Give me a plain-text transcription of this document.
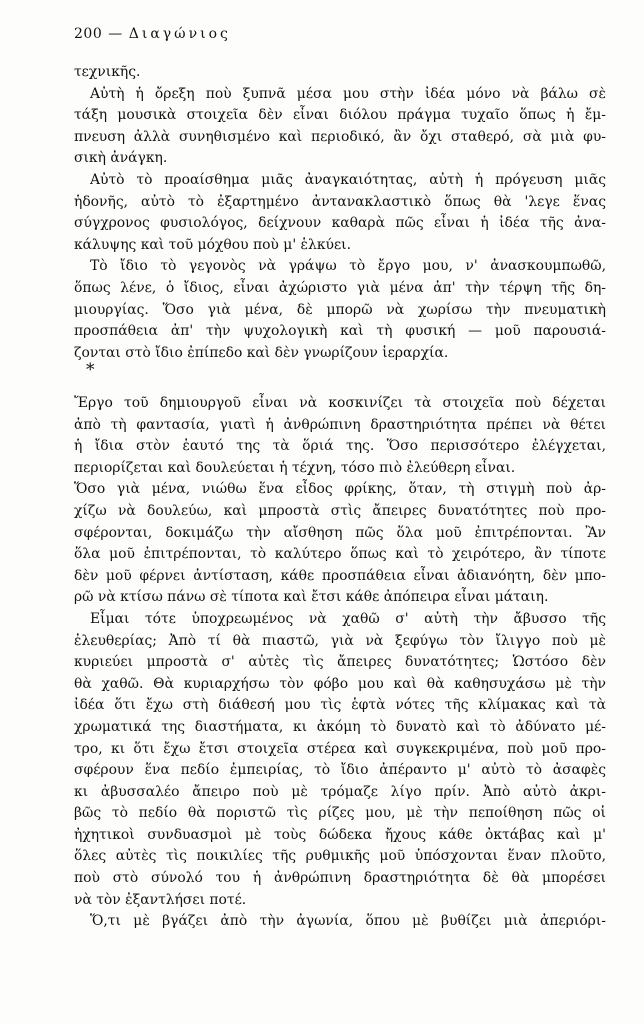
200 — Διαγώνιος
τεχνικῆς.
Αὐτὴ ἡ ὄρεξη ποὺ ξυπνᾶ μέσα μου στὴν ἰδέα μόνο νὰ βάλω σὲ
τάξη μουσικὰ στοιχεῖα δὲν εἶναι διόλου πράγμα τυχαῖο ὅπως ἡ ἔμ-
πνευση ἀλλὰ συνηθισμένο καὶ περιοδικό, ἂν ὄχι σταθερό, σὰ μιὰ φυ-
σικὴ ἀνάγκη.
Αὐτὸ τὸ προαίσθημα μιᾶς ἀναγκαιότητας, αὐτὴ ἡ πρόγευση μιᾶς
ἡδονῆς, αὐτὸ τὸ ἐξαρτημένο ἀντανακλαστικὸ ὅπως θὰ 'λεγε ἕνας
σύγχρονος φυσιολόγος, δείχνουν καθαρὰ πῶς εἶναι ἡ ἰδέα τῆς ἀνα-
κάλυψης καὶ τοῦ μόχθου ποὺ μ' ἑλκύει.
Τὸ ἴδιο τὸ γεγονὸς νὰ γράψω τὸ ἔργο μου, ν' ἀνασκουμπωθῶ,
ὅπως λένε, ὁ ἴδιος, εἶναι ἀχώριστο γιὰ μένα ἀπ' τὴν τέρψη τῆς δη-
μιουργίας. Ὅσο γιὰ μένα, δὲ μπορῶ νὰ χωρίσω τὴν πνευματικὴ
προσπάθεια ἀπ' τὴν ψυχολογικὴ καὶ τὴ φυσική — μοῦ παρουσιά-
ζονται στὸ ἴδιο ἐπίπεδο καὶ δὲν γνωρίζουν ἱεραρχία.
*
Ἔργο τοῦ δημιουργοῦ εἶναι νὰ κοσκινίζει τὰ στοιχεῖα ποὺ δέχεται
ἀπὸ τὴ φαντασία, γιατὶ ἡ ἀνθρώπινη δραστηριότητα πρέπει νὰ θέτει
ἡ ἴδια στὸν ἑαυτό της τὰ ὅριά της. Ὅσο περισσότερο ἐλέγχεται,
περιορίζεται καὶ δουλεύεται ἡ τέχνη, τόσο πιὸ ἐλεύθερη εἶναι.
Ὅσο γιὰ μένα, νιώθω ἕνα εἶδος φρίκης, ὅταν, τὴ στιγμὴ ποὺ ἀρ-
χίζω νὰ δουλεύω, καὶ μπροστὰ στὶς ἄπειρες δυνατότητες ποὺ προ-
σφέρονται, δοκιμάζω τὴν αἴσθηση πῶς ὅλα μοῦ ἐπιτρέπονται. Ἂν
ὅλα μοῦ ἐπιτρέπονται, τὸ καλύτερο ὅπως καὶ τὸ χειρότερο, ἂν τίποτε
δὲν μοῦ φέρνει ἀντίσταση, κάθε προσπάθεια εἶναι ἀδιανόητη, δὲν μπο-
ρῶ νὰ κτίσω πάνω σὲ τίποτα καὶ ἔτσι κάθε ἀπόπειρα εἶναι μάταιη.
Εἶμαι τότε ὑποχρεωμένος νὰ χαθῶ σ' αὐτὴ τὴν ἄβυσσο τῆς
ἐλευθερίας; Ἀπὸ τί θὰ πιαστῶ, γιὰ νὰ ξεφύγω τὸν ἴλιγγο ποὺ μὲ
κυριεύει μπροστὰ σ' αὐτὲς τὶς ἄπειρες δυνατότητες; Ὡστόσο δὲν
θὰ χαθῶ. Θὰ κυριαρχήσω τὸν φόβο μου καὶ θὰ καθησυχάσω μὲ τὴν
ἰδέα ὅτι ἔχω στὴ διάθεσή μου τὶς ἑφτὰ νότες τῆς κλίμακας καὶ τὰ
χρωματικά της διαστήματα, κι ἀκόμη τὸ δυνατὸ καὶ τὸ ἀδύνατο μέ-
τρο, κι ὅτι ἔχω ἔτσι στοιχεῖα στέρεα καὶ συγκεκριμένα, ποὺ μοῦ προ-
σφέρουν ἕνα πεδίο ἐμπειρίας, τὸ ἴδιο ἀπέραντο μ' αὐτὸ τὸ ἀσαφὲς
κι ἀβυσσαλέο ἄπειρο ποὺ μὲ τρόμαζε λίγο πρίν. Ἀπὸ αὐτὸ ἀκρι-
βῶς τὸ πεδίο θὰ ποριστῶ τὶς ρίζες μου, μὲ τὴν πεποίθηση πῶς οἱ
ἠχητικοὶ συνδυασμοὶ μὲ τοὺς δώδεκα ἤχους κάθε ὀκτάβας καὶ μ'
ὅλες αὐτὲς τὶς ποικιλίες τῆς ρυθμικῆς μοῦ ὑπόσχονται ἕναν πλοῦτο,
ποὺ στὸ σύνολό του ἡ ἀνθρώπινη δραστηριότητα δὲ θὰ μπορέσει
νὰ τὸν ἐξαντλήσει ποτέ.
Ὅ,τι μὲ βγάζει ἀπὸ τὴν ἀγωνία, ὅπου μὲ βυθίζει μιὰ ἀπεριόρι-
